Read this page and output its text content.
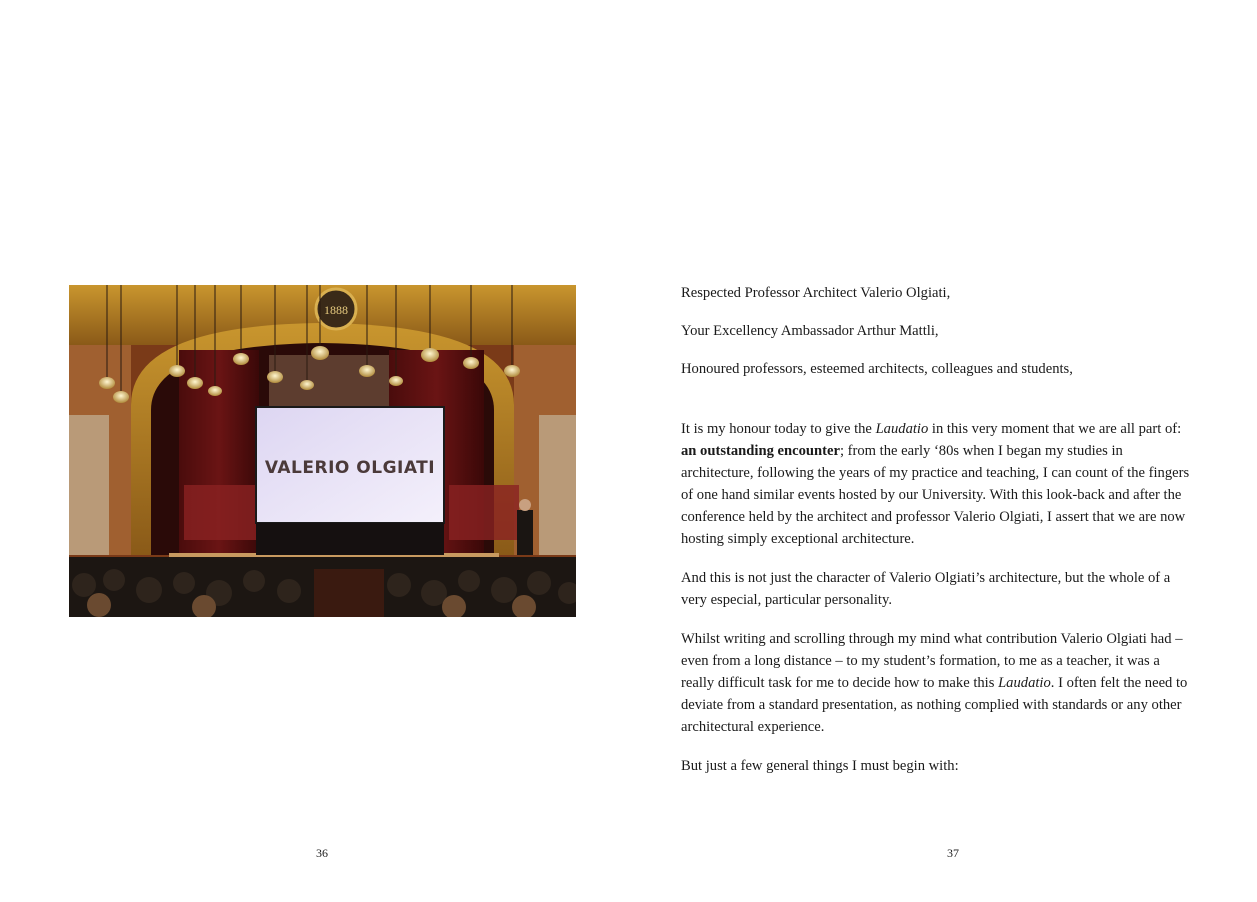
1888
VALERIO OLGIATI
36

Respected Professor Architect Valerio Olgiati,

Your Excellency Ambassador Arthur Mattli,

Honoured professors, esteemed architects, colleagues and students,

It is my honour today to give the Laudatio in this very moment that we are all part of: an outstanding encounter; from the early ‘80s when I began my studies in architecture, following the years of my practice and teaching, I can count of the fingers of one hand similar events hosted by our University. With this look-back and after the conference held by the architect and professor Valerio Olgiati, I assert that we are now hosting simply exceptional architecture.

And this is not just the character of Valerio Olgiati’s architecture, but the whole of a very especial, particular personality.

Whilst writing and scrolling through my mind what contribution Valerio Olgiati had – even from a long distance – to my student’s formation, to me as a teacher, it was a really difficult task for me to decide how to make this Laudatio. I often felt the need to deviate from a standard presentation, as nothing complied with standards or any other architectural experience.

But just a few general things I must begin with:

37
